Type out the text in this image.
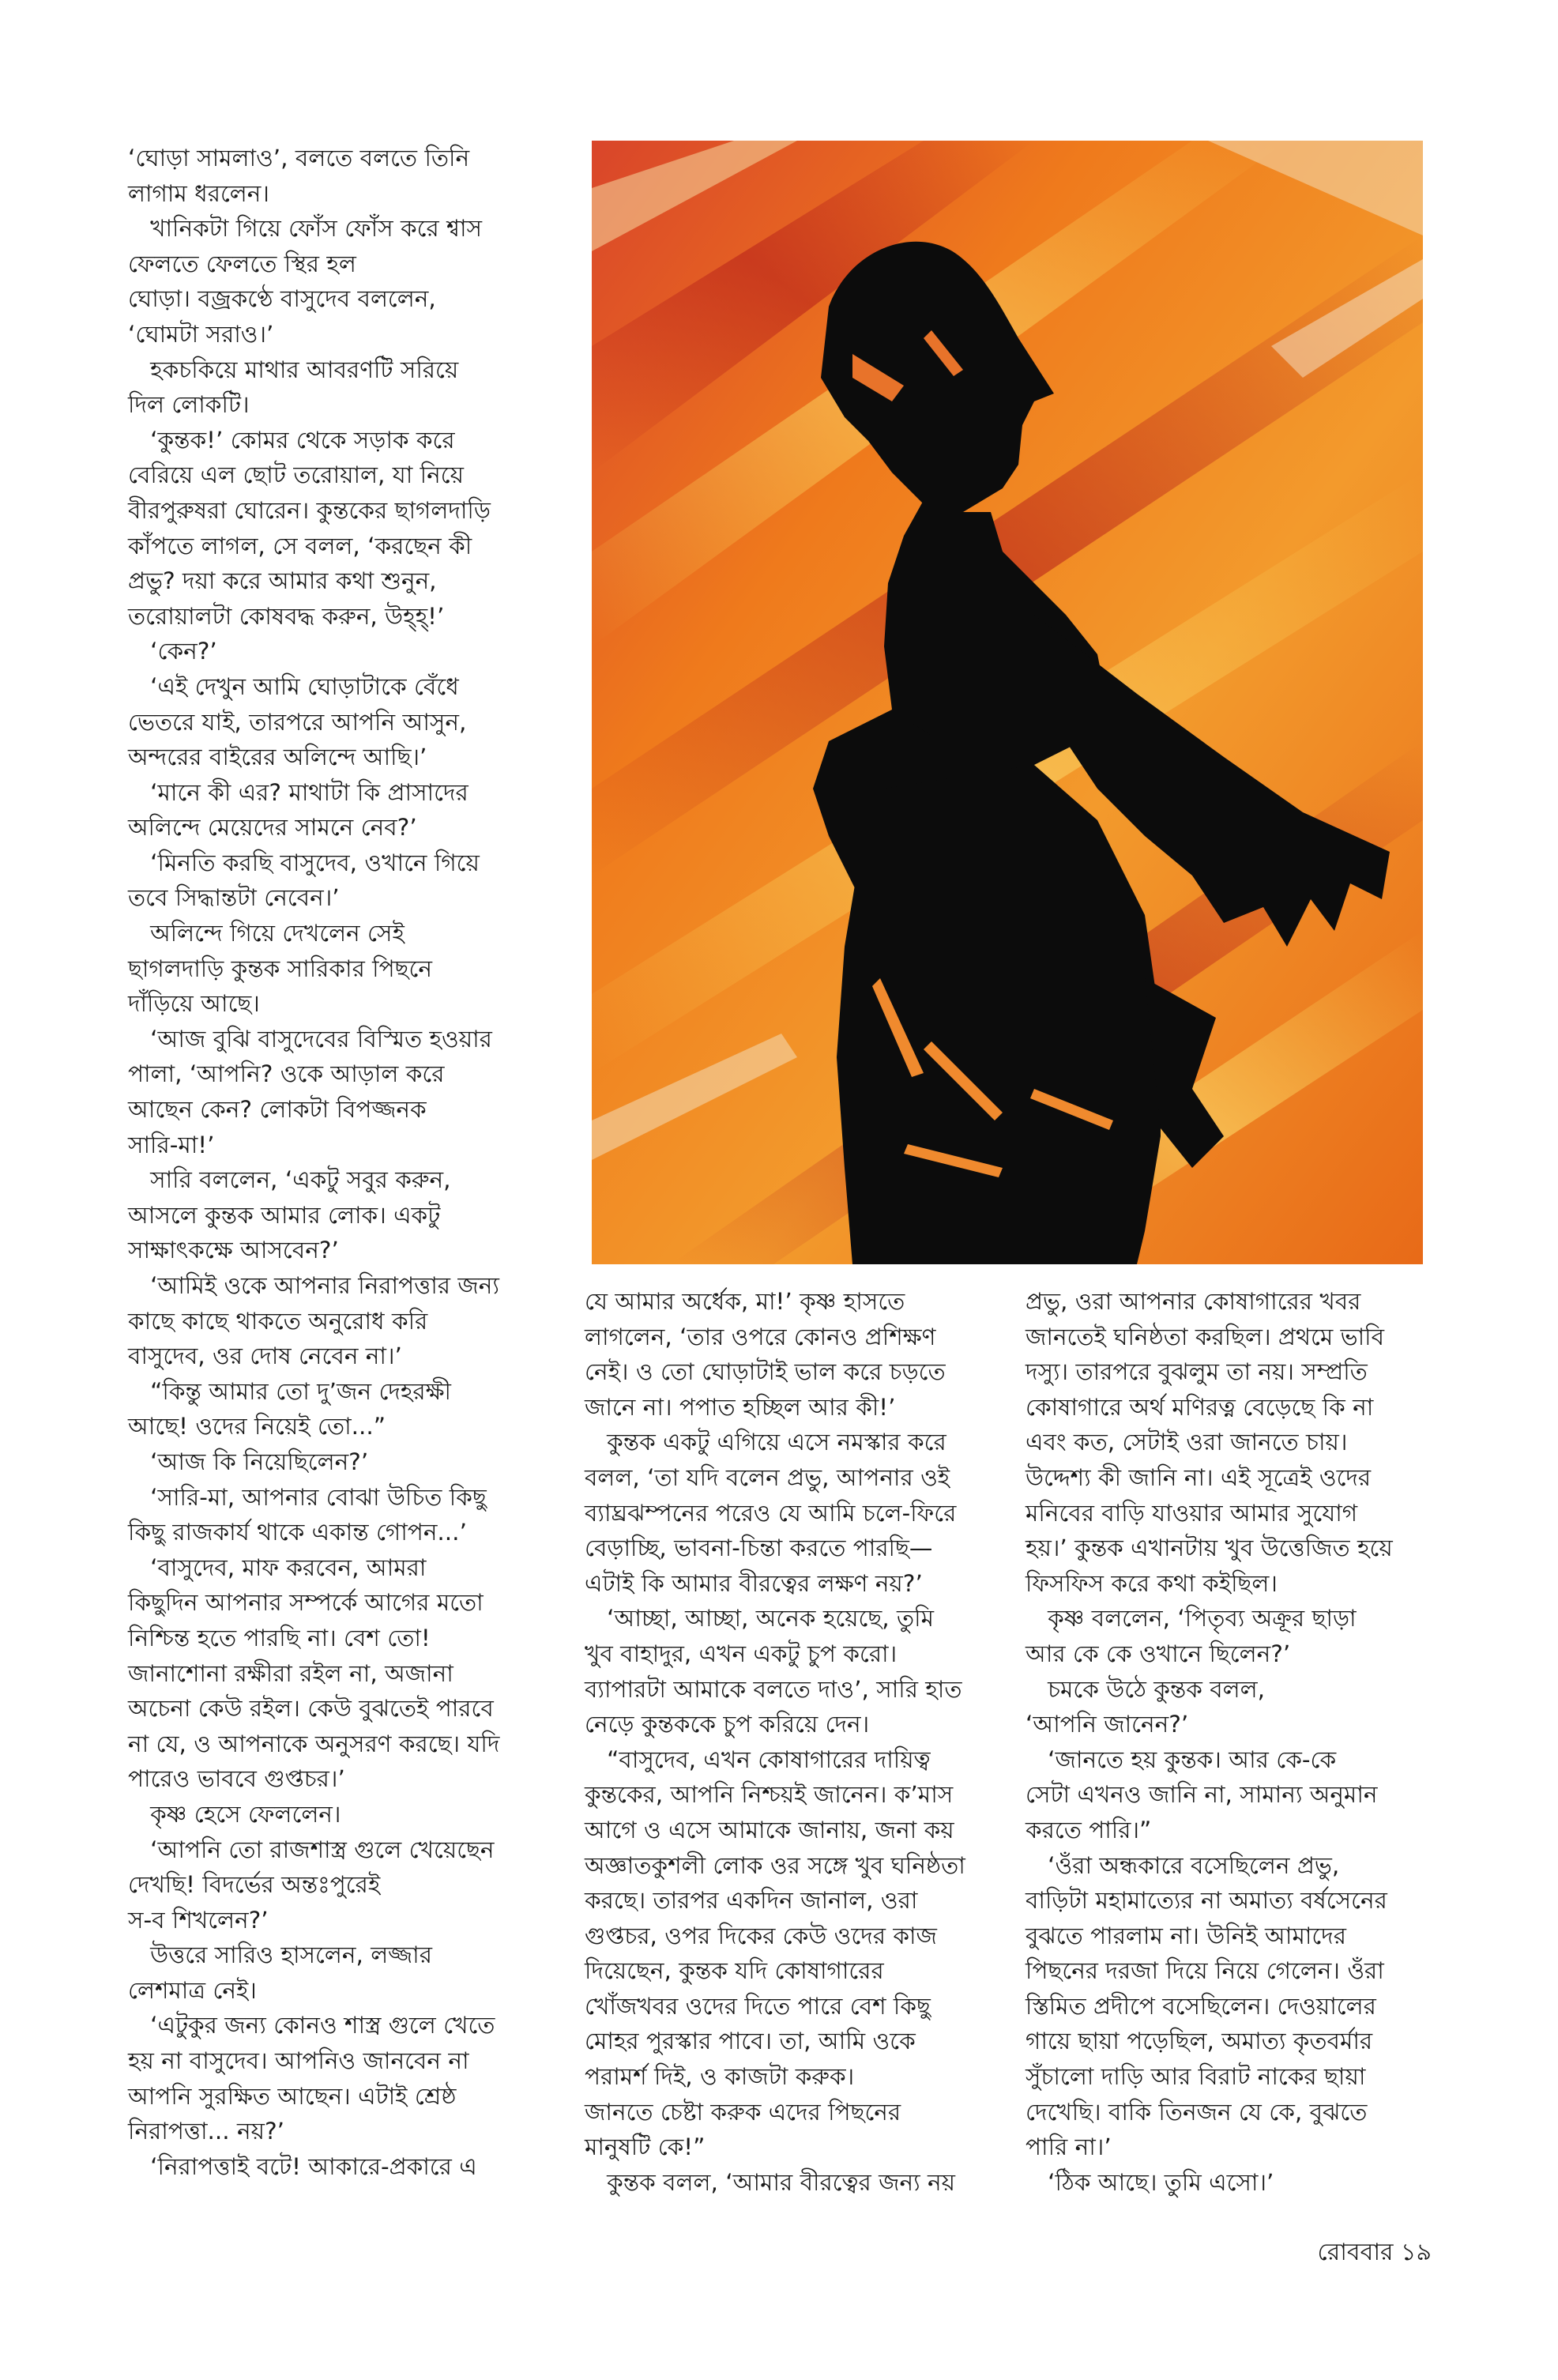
‘ঘোড়া সামলাও’, বলতে বলতে তিনি

লাগাম ধরলেন।

খানিকটা গিয়ে ফোঁস ফোঁস করে শ্বাস

ফেলতে ফেলতে স্থির হল

ঘোড়া। বজ্রকণ্ঠে বাসুদেব বললেন,

‘ঘোমটা সরাও।’

হকচকিয়ে মাথার আবরণটি সরিয়ে

দিল লোকটি।

‘কুন্তক!’ কোমর থেকে সড়াক করে

বেরিয়ে এল ছোট তরোয়াল, যা নিয়ে

বীরপুরুষরা ঘোরেন। কুন্তকের ছাগলদাড়ি

কাঁপতে লাগল, সে বলল, ‘করছেন কী

প্রভু? দয়া করে আমার কথা শুনুন,

তরোয়ালটা কোষবদ্ধ করুন, উহ্‌হ্‌!’

‘কেন?’

‘এই দেখুন আমি ঘোড়াটাকে বেঁধে

ভেতরে যাই, তারপরে আপনি আসুন,

অন্দরের বাইরের অলিন্দে আছি।’

‘মানে কী এর? মাথাটা কি প্রাসাদের

অলিন্দে মেয়েদের সামনে নেব?’

‘মিনতি করছি বাসুদেব, ওখানে গিয়ে

তবে সিদ্ধান্তটা নেবেন।’

অলিন্দে গিয়ে দেখলেন সেই

ছাগলদাড়ি কুন্তক সারিকার পিছনে

দাঁড়িয়ে আছে।

‘আজ বুঝি বাসুদেবের বিস্মিত হওয়ার

পালা, ‘আপনি? ওকে আড়াল করে

আছেন কেন? লোকটা বিপজ্জনক

সারি-মা!’

সারি বললেন, ‘একটু সবুর করুন,

আসলে কুন্তক আমার লোক। একটু

সাক্ষাৎকক্ষে আসবেন?’

‘আমিই ওকে আপনার নিরাপত্তার জন্য

কাছে কাছে থাকতে অনুরোধ করি

বাসুদেব, ওর দোষ নেবেন না।’

“কিন্তু আমার তো দু’জন দেহরক্ষী

আছে! ওদের নিয়েই তো...”

‘আজ কি নিয়েছিলেন?’

‘সারি-মা, আপনার বোঝা উচিত কিছু

কিছু রাজকার্য থাকে একান্ত গোপন...’

‘বাসুদেব, মাফ করবেন, আমরা

কিছুদিন আপনার সম্পর্কে আগের মতো

নিশ্চিন্ত হতে পারছি না। বেশ তো!

জানাশোনা রক্ষীরা রইল না, অজানা

অচেনা কেউ রইল। কেউ বুঝতেই পারবে

না যে, ও আপনাকে অনুসরণ করছে। যদি

পারেও ভাববে গুপ্তচর।’

কৃষ্ণ হেসে ফেললেন।

‘আপনি তো রাজশাস্ত্র গুলে খেয়েছেন

দেখছি! বিদর্ভের অন্তঃপুরেই

স-ব শিখলেন?’

উত্তরে সারিও হাসলেন, লজ্জার

লেশমাত্র নেই।

‘এটুকুর জন্য কোনও শাস্ত্র গুলে খেতে

হয় না বাসুদেব। আপনিও জানবেন না

আপনি সুরক্ষিত আছেন। এটাই শ্রেষ্ঠ

নিরাপত্তা... নয়?’

‘নিরাপত্তাই বটে! আকারে-প্রকারে এ

যে আমার অর্ধেক, মা!’ কৃষ্ণ হাসতে

লাগলেন, ‘তার ওপরে কোনও প্রশিক্ষণ

নেই। ও তো ঘোড়াটাই ভাল করে চড়তে

জানে না। পপাত হচ্ছিল আর কী!’

কুন্তক একটু এগিয়ে এসে নমস্কার করে

বলল, ‘তা যদি বলেন প্রভু, আপনার ওই

ব্যাঘ্রঝম্পনের পরেও যে আমি চলে-ফিরে

বেড়াচ্ছি, ভাবনা-চিন্তা করতে পারছি—

এটাই কি আমার বীরত্বের লক্ষণ নয়?’

‘আচ্ছা, আচ্ছা, অনেক হয়েছে, তুমি

খুব বাহাদুর, এখন একটু চুপ করো।

ব্যাপারটা আমাকে বলতে দাও’, সারি হাত

নেড়ে কুন্তককে চুপ করিয়ে দেন।

“বাসুদেব, এখন কোষাগারের দায়িত্ব

কুন্তকের, আপনি নিশ্চয়ই জানেন। ক’মাস

আগে ও এসে আমাকে জানায়, জনা কয়

অজ্ঞাতকুশলী লোক ওর সঙ্গে খুব ঘনিষ্ঠতা

করছে। তারপর একদিন জানাল, ওরা

গুপ্তচর, ওপর দিকের কেউ ওদের কাজ

দিয়েছেন, কুন্তক যদি কোষাগারের

খোঁজখবর ওদের দিতে পারে বেশ কিছু

মোহর পুরস্কার পাবে। তা, আমি ওকে

পরামর্শ দিই, ও কাজটা করুক।

জানতে চেষ্টা করুক এদের পিছনের

মানুষটি কে!”

কুন্তক বলল, ‘আমার বীরত্বের জন্য নয়

প্রভু, ওরা আপনার কোষাগারের খবর

জানতেই ঘনিষ্ঠতা করছিল। প্রথমে ভাবি

দস্যু। তারপরে বুঝলুম তা নয়। সম্প্রতি

কোষাগারে অর্থ মণিরত্ন বেড়েছে কি না

এবং কত, সেটাই ওরা জানতে চায়।

উদ্দেশ্য কী জানি না। এই সূত্রেই ওদের

মনিবের বাড়ি যাওয়ার আমার সুযোগ

হয়।’ কুন্তক এখানটায় খুব উত্তেজিত হয়ে

ফিসফিস করে কথা কইছিল।

কৃষ্ণ বললেন, ‘পিতৃব্য অক্রূর ছাড়া

আর কে কে ওখানে ছিলেন?’

চমকে উঠে কুন্তক বলল,

‘আপনি জানেন?’

‘জানতে হয় কুন্তক। আর কে-কে

সেটা এখনও জানি না, সামান্য অনুমান

করতে পারি।”

‘ওঁরা অন্ধকারে বসেছিলেন প্রভু,

বাড়িটা মহামাত্যের না অমাত্য বর্ষসেনের

বুঝতে পারলাম না। উনিই আমাদের

পিছনের দরজা দিয়ে নিয়ে গেলেন। ওঁরা

স্তিমিত প্রদীপে বসেছিলেন। দেওয়ালের

গায়ে ছায়া পড়েছিল, অমাত্য কৃতবর্মার

সুঁচালো দাড়ি আর বিরাট নাকের ছায়া

দেখেছি। বাকি তিনজন যে কে, বুঝতে

পারি না।’

‘ঠিক আছে। তুমি এসো।’

রোববার ১৯
